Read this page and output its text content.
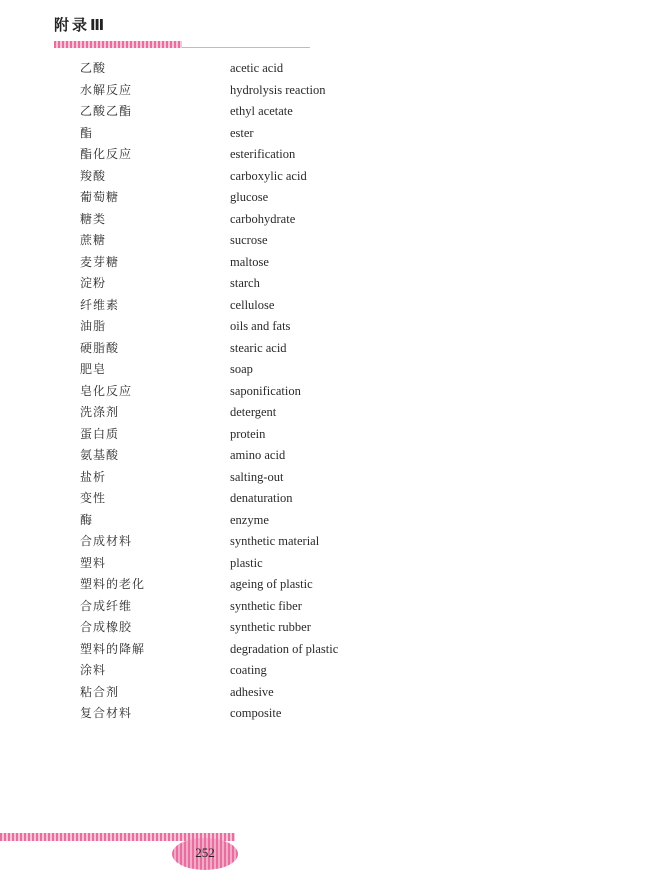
附录Ⅲ
乙酸	acetic acid
水解反应	hydrolysis reaction
乙酸乙酯	ethyl acetate
酯	ester
酯化反应	esterification
羧酸	carboxylic acid
葡萄糖	glucose
糖类	carbohydrate
蔗糖	sucrose
麦芽糖	maltose
淀粉	starch
纤维素	cellulose
油脂	oils and fats
硬脂酸	stearic acid
肥皂	soap
皂化反应	saponification
洗涤剂	detergent
蛋白质	protein
氨基酸	amino acid
盐析	salting-out
变性	denaturation
酶	enzyme
合成材料	synthetic material
塑料	plastic
塑料的老化	ageing of plastic
合成纤维	synthetic fiber
合成橡胶	synthetic rubber
塑料的降解	degradation of plastic
涂料	coating
粘合剂	adhesive
复合材料	composite
252
